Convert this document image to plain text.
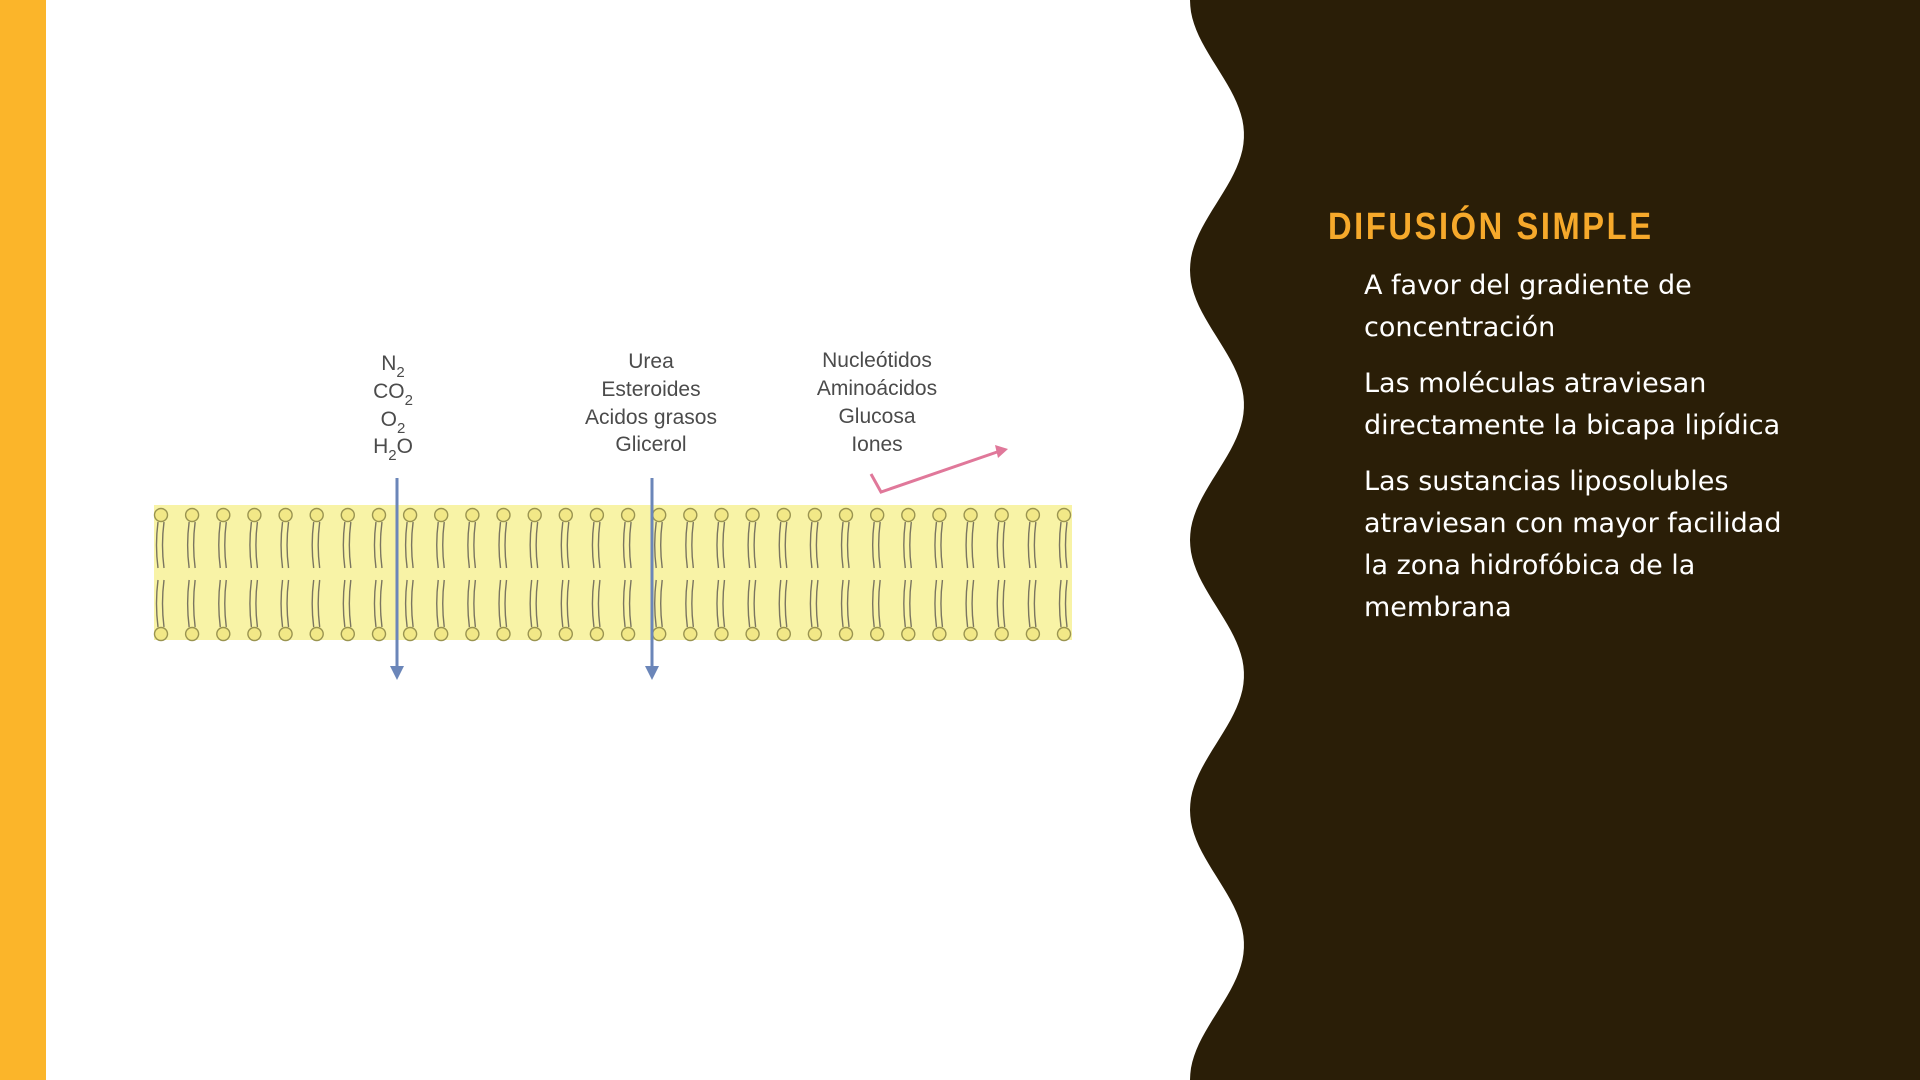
$N_2$
$CO_2$
$O_2$
$H_2O$
Urea
Esteroides
Acidos grasos
Glicerol
Nucleótidos
Aminoácidos
Glucosa
Iones
DIFUSIÓN SIMPLE
A favor del gradiente de concentración
Las moléculas atraviesan directamente la bicapa lipídica
Las sustancias liposolubles atraviesan con mayor facilidad la zona hidrofóbica de la membrana
